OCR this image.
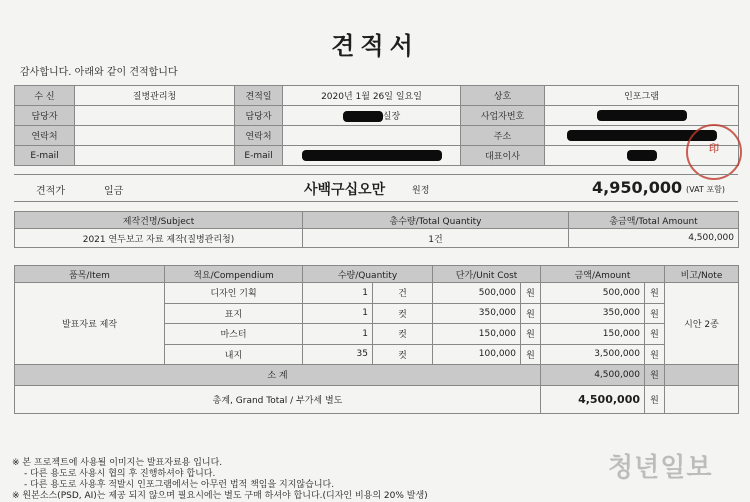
견적서
감사합니다. 아래와 같이 견적합니다
수 신	질병관리청	견적일	2020년 1월 26일 일요일	상호	인포그램
담당자		담당자	실장	사업자번호	
연락처		연락처		주소	
E-mail		E-mail		대표이사	
印
견적가	일금	사백구십오만	원정	4,950,000 (VAT 포함)
제작건명/Subject	총수량/Total Quantity	총금액/Total Amount
2021 연두보고 자료 제작(질병관리청)	1건	4,500,000
품목/Item	적요/Compendium	수량/Quantity		단가/Unit Cost		금액/Amount		비고/Note
발표자료 제작	디자인 기획	1	건	500,000	원	500,000	원	시안 2종
	표지	1	컷	350,000	원	350,000	원	
	마스터	1	컷	150,000	원	150,000	원	
	내지	35	컷	100,000	원	3,500,000	원	
소 계						4,500,000	원	
총계, Grand Total / 부가세 별도						4,500,000	원	
※ 본 프로젝트에 사용될 이미지는 발표자료용 입니다.
- 다른 용도로 사용시 협의 후 진행하셔야 합니다.
- 다른 용도로 사용후 적발시 인포그램에서는 아무런 법적 책임을 지지않습니다.
※ 원본소스(PSD, AI)는 제공 되지 않으며 필요시에는 별도 구매 하셔야 합니다.(디자인 비용의 20% 발생)
청년일보
